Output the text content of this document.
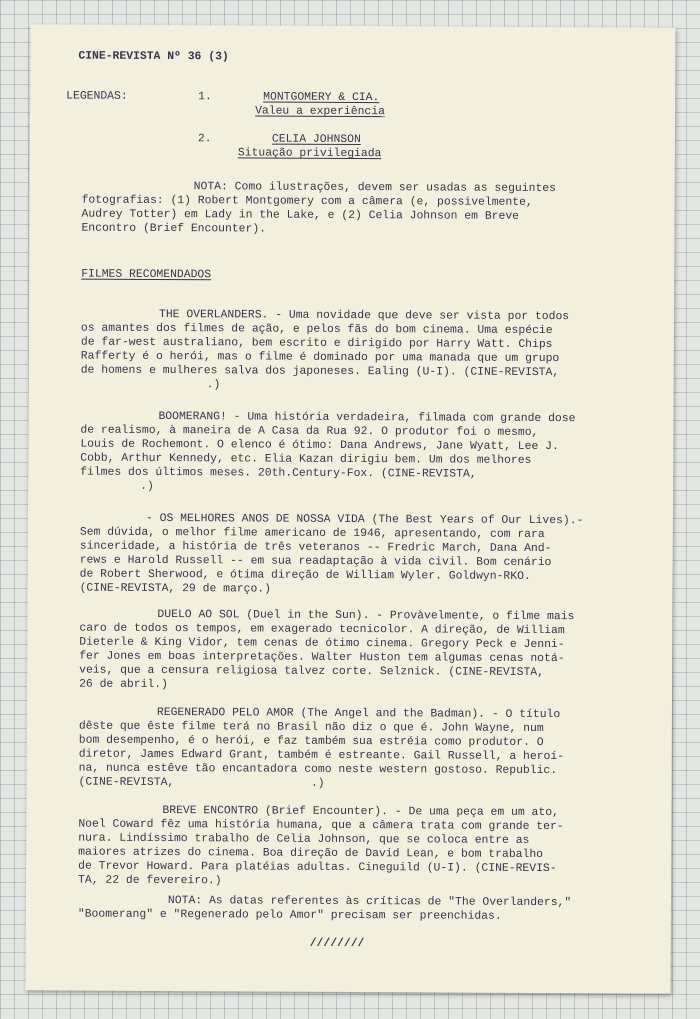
CINE-REVISTA Nº 36 (3)
LEGENDAS:	1.	MONTGOMERY & CIA.
Valeu a experiência
2.	CELIA JOHNSON
Situação privilegiada
NOTA: Como ilustrações, devem ser usadas as seguintes
fotografias: (1) Robert Montgomery com a câmera (e, possivelmente,
Audrey Totter) em Lady in the Lake, e (2) Celia Johnson em Breve
Encontro (Brief Encounter).
FILMES RECOMENDADOS
THE OVERLANDERS. - Uma novidade que deve ser vista por todos
os amantes dos filmes de ação, e pelos fãs do bom cinema. Uma espécie
de far-west australiano, bem escrito e dirigido por Harry Watt. Chips
Rafferty é o herói, mas o filme é dominado por uma manada que um grupo
de homens e mulheres salva dos japoneses. Ealing (U-I). (CINE-REVISTA,
.)
BOOMERANG! - Uma história verdadeira, filmada com grande dose
de realismo, à maneira de A Casa da Rua 92. O produtor foi o mesmo,
Louis de Rochemont. O elenco é ótimo: Dana Andrews, Jane Wyatt, Lee J.
Cobb, Arthur Kennedy, etc. Elia Kazan dirigiu bem. Um dos melhores
filmes dos últimos meses. 20th.Century-Fox. (CINE-REVISTA,
.)
- OS MELHORES ANOS DE NOSSA VIDA (The Best Years of Our Lives).-
Sem dúvida, o melhor filme americano de 1946, apresentando, com rara
sinceridade, a história de três veteranos -- Fredric March, Dana And-
rews e Harold Russell -- em sua readaptação à vida civil. Bom cenário
de Robert Sherwood, e ótima direção de William Wyler. Goldwyn-RKO.
(CINE-REVISTA, 29 de março.)
DUELO AO SOL (Duel in the Sun). - Provàvelmente, o filme mais
caro de todos os tempos, em exagerado tecnicolor. A direção, de William
Dieterle & King Vidor, tem cenas de ótimo cinema. Gregory Peck e Jenni-
fer Jones em boas interpretações. Walter Huston tem algumas cenas notá-
veis, que a censura religiosa talvez corte. Selznick. (CINE-REVISTA,
26 de abril.)
REGENERADO PELO AMOR (The Angel and the Badman). - O título
dêste que êste filme terá no Brasil não diz o que é. John Wayne, num
bom desempenho, é o herói, e faz também sua estréia como produtor. O
diretor, James Edward Grant, também é estreante. Gail Russell, a heroí-
na, nunca estêve tão encantadora como neste western gostoso. Republic.
(CINE-REVISTA,                    .)
BREVE ENCONTRO (Brief Encounter). - De uma peça em um ato,
Noel Coward fêz uma história humana, que a câmera trata com grande ter-
nura. Lindíssimo trabalho de Celia Johnson, que se coloca entre as
maiores atrizes do cinema. Boa direção de David Lean, e bom trabalho
de Trevor Howard. Para platéias adultas. Cineguild (U-I). (CINE-REVIS-
TA, 22 de fevereiro.)
NOTA: As datas referentes às críticas de "The Overlanders,"
"Boomerang" e "Regenerado pelo Amor" precisam ser preenchidas.
////////
